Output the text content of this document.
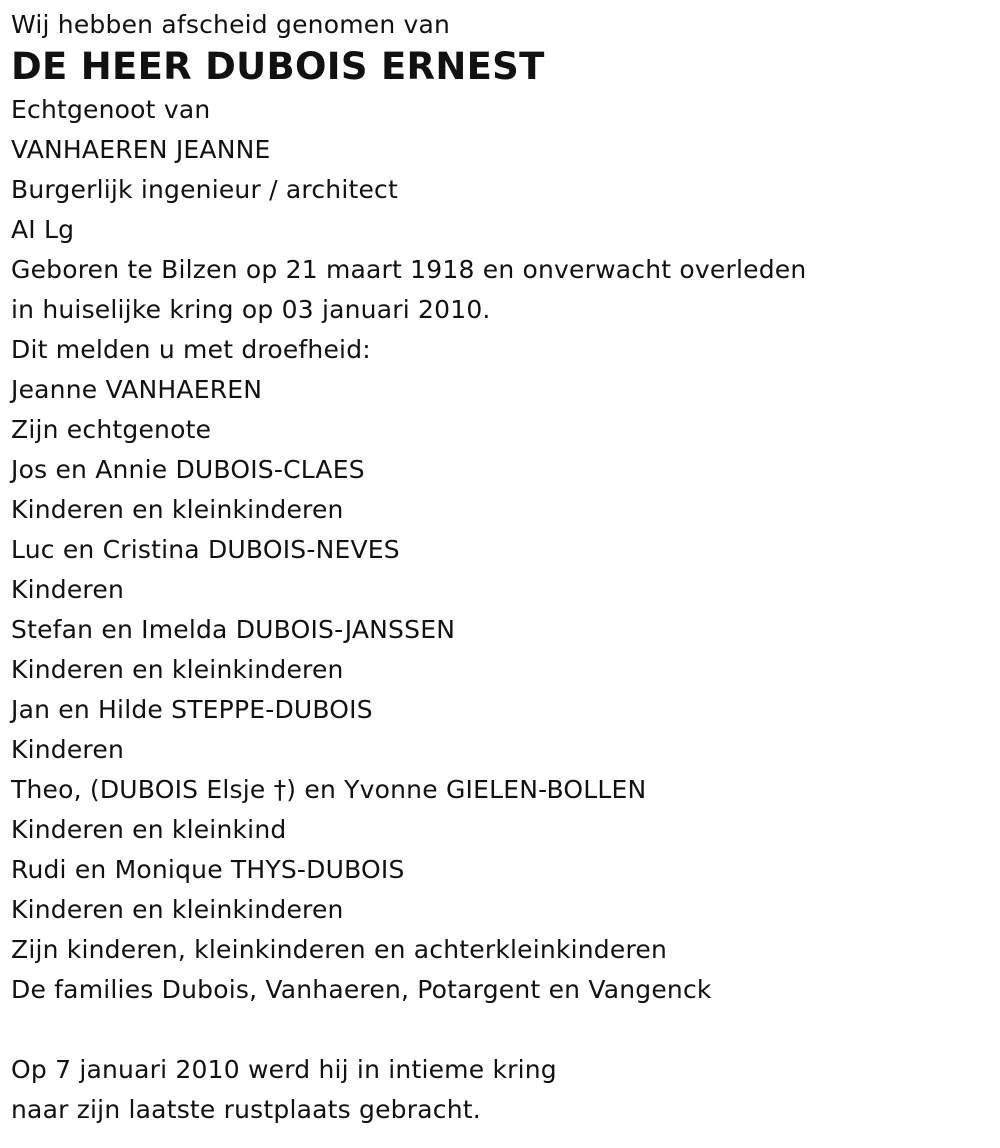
Wij hebben afscheid genomen van
DE HEER DUBOIS ERNEST
Echtgenoot van
VANHAEREN JEANNE
Burgerlijk ingenieur / architect
AI Lg
Geboren te Bilzen op 21 maart 1918 en onverwacht overleden
in huiselijke kring op 03 januari 2010.
Dit melden u met droefheid:
Jeanne VANHAEREN
Zijn echtgenote
Jos en Annie DUBOIS-CLAES
Kinderen en kleinkinderen
Luc en Cristina DUBOIS-NEVES
Kinderen
Stefan en Imelda DUBOIS-JANSSEN
Kinderen en kleinkinderen
Jan en Hilde STEPPE-DUBOIS
Kinderen
Theo, (DUBOIS Elsje †) en Yvonne GIELEN-BOLLEN
Kinderen en kleinkind
Rudi en Monique THYS-DUBOIS
Kinderen en kleinkinderen
Zijn kinderen, kleinkinderen en achterkleinkinderen
De families Dubois, Vanhaeren, Potargent en Vangenck
Op 7 januari 2010 werd hij in intieme kring
naar zijn laatste rustplaats gebracht.
